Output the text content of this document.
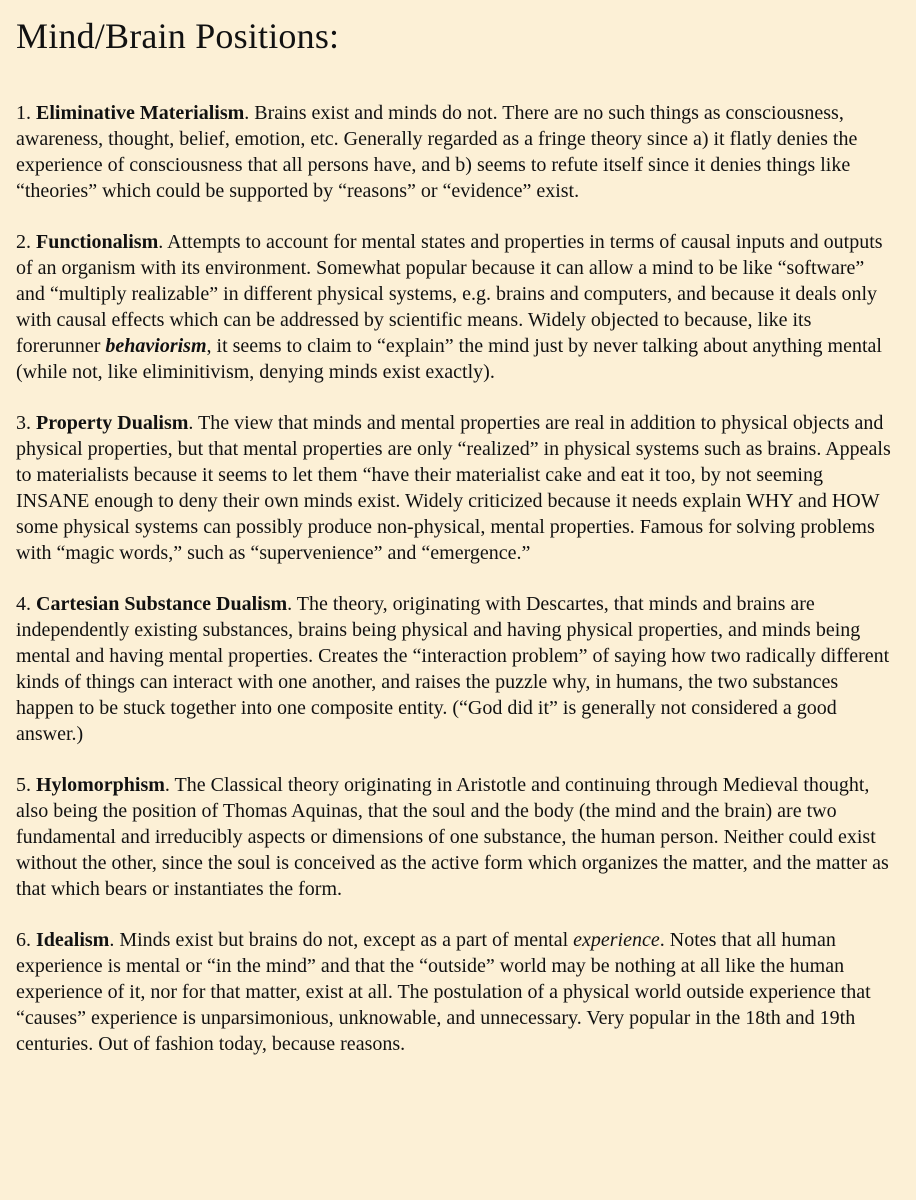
Mind/Brain Positions:

1. Eliminative Materialism. Brains exist and minds do not. There are no such things as consciousness, awareness, thought, belief, emotion, etc. Generally regarded as a fringe theory since a) it flatly denies the experience of consciousness that all persons have, and b) seems to refute itself since it denies things like “theories” which could be supported by “reasons” or “evidence” exist.

2. Functionalism. Attempts to account for mental states and properties in terms of causal inputs and outputs of an organism with its environment. Somewhat popular because it can allow a mind to be like “software” and “multiply realizable” in different physical systems, e.g. brains and computers, and because it deals only with causal effects which can be addressed by scientific means. Widely objected to because, like its forerunner behaviorism, it seems to claim to “explain” the mind just by never talking about anything mental (while not, like eliminitivism, denying minds exist exactly).

3. Property Dualism. The view that minds and mental properties are real in addition to physical objects and physical properties, but that mental properties are only “realized” in physical systems such as brains. Appeals to materialists because it seems to let them “have their materialist cake and eat it too, by not seeming INSANE enough to deny their own minds exist. Widely criticized because it needs explain WHY and HOW some physical systems can possibly produce non-physical, mental properties. Famous for solving problems with “magic words,” such as “supervenience” and “emergence.”

4. Cartesian Substance Dualism. The theory, originating with Descartes, that minds and brains are independently existing substances, brains being physical and having physical properties, and minds being mental and having mental properties. Creates the “interaction problem” of saying how two radically different kinds of things can interact with one another, and raises the puzzle why, in humans, the two substances happen to be stuck together into one composite entity. (“God did it” is generally not considered a good answer.)

5. Hylomorphism. The Classical theory originating in Aristotle and continuing through Medieval thought, also being the position of Thomas Aquinas, that the soul and the body (the mind and the brain) are two fundamental and irreducibly aspects or dimensions of one substance, the human person. Neither could exist without the other, since the soul is conceived as the active form which organizes the matter, and the matter as that which bears or instantiates the form.

6. Idealism. Minds exist but brains do not, except as a part of mental experience. Notes that all human experience is mental or “in the mind” and that the “outside” world may be nothing at all like the human experience of it, nor for that matter, exist at all. The postulation of a physical world outside experience that “causes” experience is unparsimonious, unknowable, and unnecessary. Very popular in the 18th and 19th centuries. Out of fashion today, because reasons.
